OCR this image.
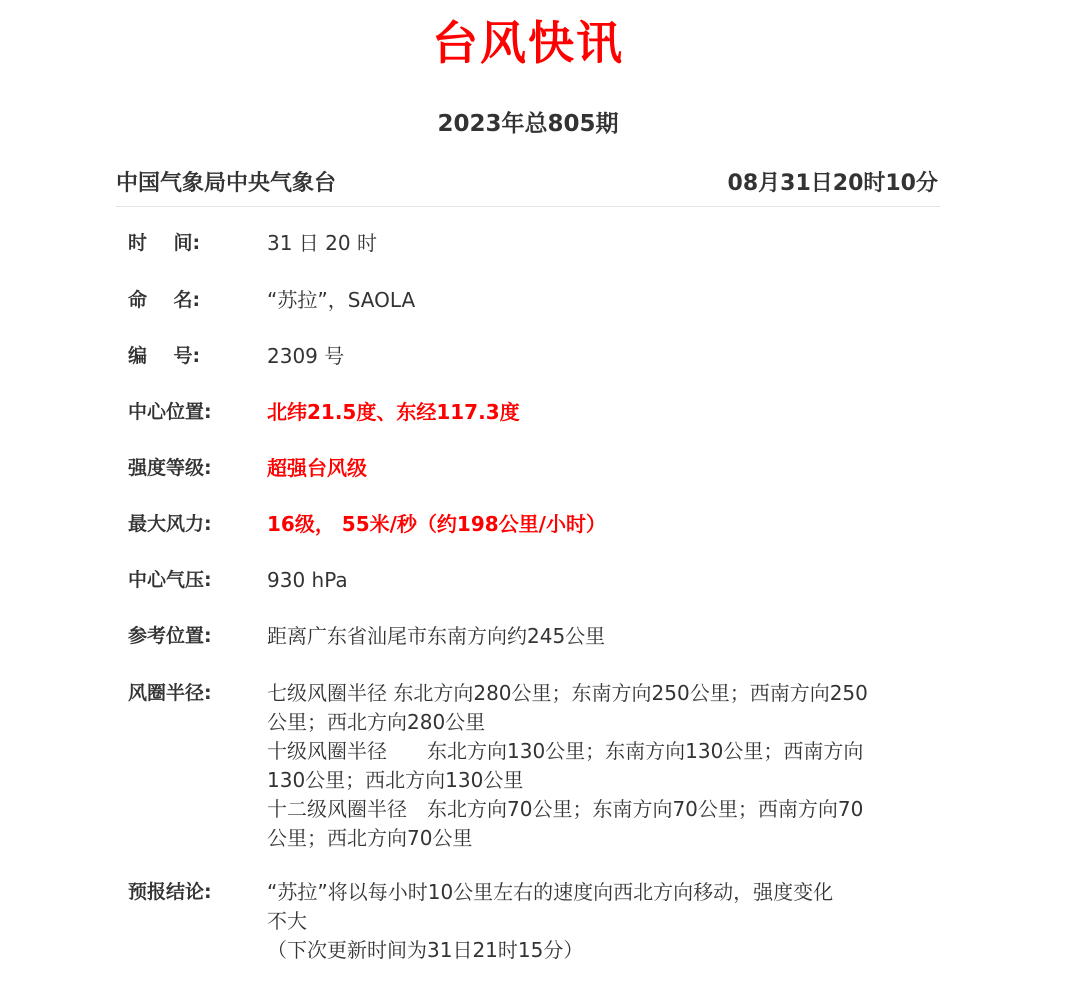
台风快讯
2023年总805期
中国气象局中央气象台	08月31日20时10分
时    间:	31 日 20 时
命    名:	“苏拉”，SAOLA
编    号:	2309 号
中心位置:	北纬21.5度、东经117.3度
强度等级:	超强台风级
最大风力:	16级， 55米/秒（约198公里/小时）
中心气压:	930 hPa
参考位置:	距离广东省汕尾市东南方向约245公里
风圈半径:	七级风圈半径 东北方向280公里；东南方向250公里；西南方向250
公里；西北方向280公里
十级风圈半径　　东北方向130公里；东南方向130公里；西南方向
130公里；西北方向130公里
十二级风圈半径　东北方向70公里；东南方向70公里；西南方向70
公里；西北方向70公里
预报结论:	“苏拉”将以每小时10公里左右的速度向西北方向移动，强度变化
不大
（下次更新时间为31日21时15分）
